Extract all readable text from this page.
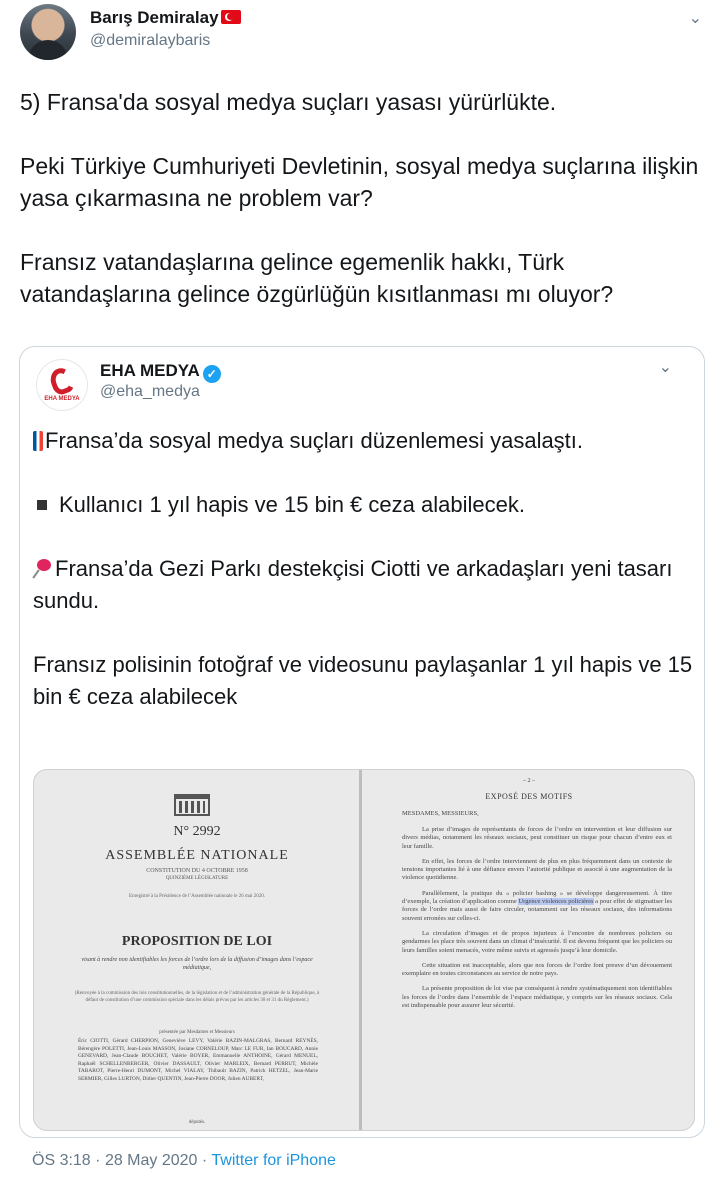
Barış Demiralay
@demiralaybaris
⌄

5) Fransa'da sosyal medya suçları yasası yürürlükte.

Peki Türkiye Cumhuriyeti Devletinin, sosyal medya suçlarına ilişkin yasa çıkarmasına ne problem var?

Fransız vatandaşlarına gelince egemenlik hakkı, Türk vatandaşlarına gelince özgürlüğün kısıtlanması mı oluyor?

EHA MEDYA
EHA MEDYA ✓
@eha_medya
⌄

Fransa’da sosyal medya suçları düzenlemesi yasalaştı.

Kullanıcı 1 yıl hapis ve 15 bin € ceza alabilecek.

Fransa’da Gezi Parkı destekçisi Ciotti ve arkadaşları yeni tasarı sundu.

Fransız polisinin fotoğraf ve videosunu paylaşanlar 1 yıl hapis ve 15 bin € ceza alabilecek

N° 2992
ASSEMBLÉE NATIONALE
CONSTITUTION DU 4 OCTOBRE 1958
QUINZIÈME LÉGISLATURE
Enregistré à la Présidence de l’Assemblée nationale le 26 mai 2020.
PROPOSITION DE LOI
visant à rendre non identifiables les forces de l’ordre lors de la diffusion d’images dans l’espace médiatique,
(Renvoyée à la commission des lois constitutionnelles, de la législation et de l’administration générale de la République, à défaut de constitution d’une commission spéciale dans les délais prévus par les articles 30 et 31 du Règlement.)
présentée par Mesdames et Messieurs
Éric CIOTTI, Gérard CHERPION, Geneviève LEVY, Valérie BAZIN-MALGRAS, Bernard REYNÈS, Bérengère POLETTI, Jean-Louis MASSON, Josiane CORNELOUP, Marc LE FUR, Ian BOUCARD, Annie GENEVARD, Jean-Claude BOUCHET, Valérie BOYER, Emmanuelle ANTHOINE, Gérard MENUEL, Raphaël SCHELLENBERGER, Olivier DASSAULT, Olivier MARLEIX, Bernard PERRUT, Michèle TABAROT, Pierre-Henri DUMONT, Michel VIALAY, Thibault BAZIN, Patrick HETZEL, Jean-Marie SERMIER, Gilles LURTON, Didier QUENTIN, Jean-Pierre DOOR, Julien AUBERT,
députés.
– 2 –
EXPOSÉ DES MOTIFS
MESDAMES, MESSIEURS,

La prise d’images de représentants de forces de l’ordre en intervention et leur diffusion sur divers médias, notamment les réseaux sociaux, peut constituer un risque pour chacun d’entre eux et leur famille.

En effet, les forces de l’ordre interviennent de plus en plus fréquemment dans un contexte de tensions importantes lié à une défiance envers l’autorité publique et associé à une augmentation de la violence quotidienne.

Parallèlement, la pratique du « policier bashing » se développe dangereusement. À titre d’exemple, la création d’application comme Urgence violences policières a pour effet de stigmatiser les forces de l’ordre mais aussi de faire circuler, notamment sur les réseaux sociaux, des informations souvent erronées sur celles-ci.

La circulation d’images et de propos injurieux à l’encontre de nombreux policiers ou gendarmes les place très souvent dans un climat d’insécurité. Il est devenu fréquent que les policiers ou leurs familles soient menacés, voire même suivis et agressés jusqu’à leur domicile.

Cette situation est inacceptable, alors que nos forces de l’ordre font preuve d’un dévouement exemplaire en toutes circonstances au service de notre pays.

La présente proposition de loi vise par conséquent à rendre systématiquement non identifiables les forces de l’ordre dans l’ensemble de l’espace médiatique, y compris sur les réseaux sociaux. Cela est indispensable pour assurer leur sécurité.

ÖS 3:18 · 28 May 2020 · Twitter for iPhone
